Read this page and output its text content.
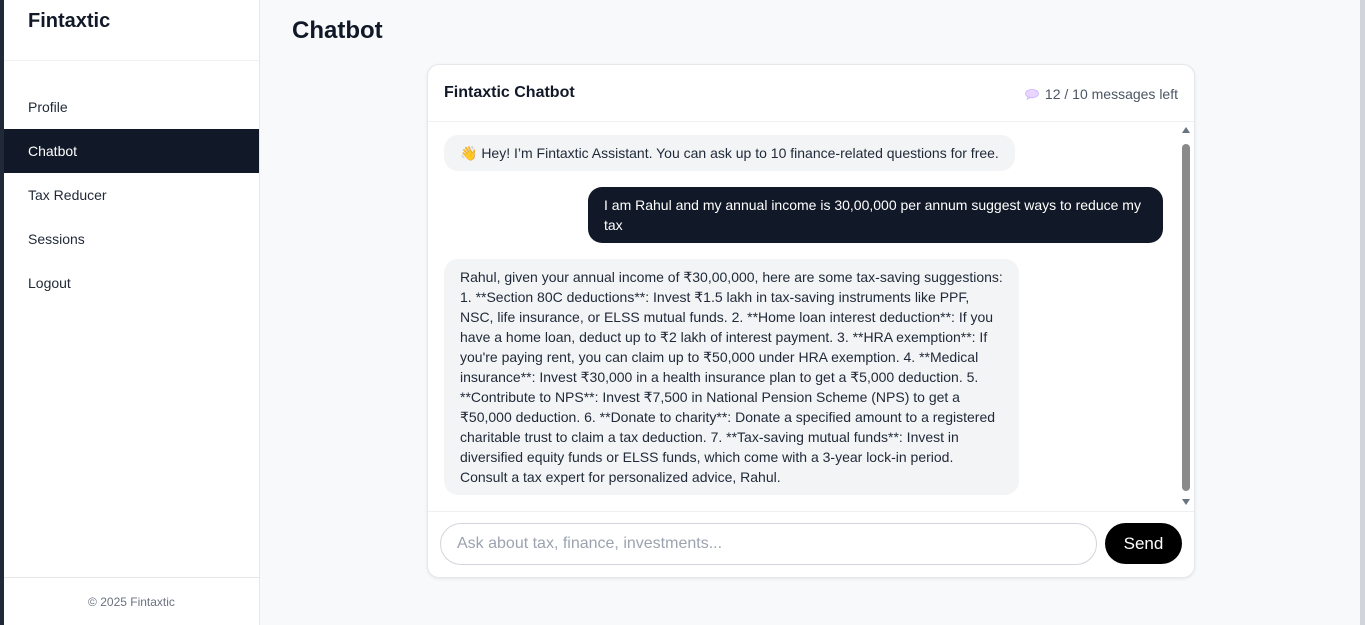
Fintaxtic
Profile
Chatbot
Tax Reducer
Sessions
Logout
© 2025 Fintaxtic
Chatbot
Fintaxtic Chatbot	12 / 10 messages left
👋 Hey! I’m Fintaxtic Assistant. You can ask up to 10 finance-related questions for free.
I am Rahul and my annual income is 30,00,000 per annum suggest ways to reduce my tax
Rahul, given your annual income of ₹30,00,000, here are some tax-saving suggestions: 1. **Section 80C deductions**: Invest ₹1.5 lakh in tax-saving instruments like PPF, NSC, life insurance, or ELSS mutual funds. 2. **Home loan interest deduction**: If you have a home loan, deduct up to ₹2 lakh of interest payment. 3. **HRA exemption**: If you're paying rent, you can claim up to ₹50,000 under HRA exemption. 4. **Medical insurance**: Invest ₹30,000 in a health insurance plan to get a ₹5,000 deduction. 5. **Contribute to NPS**: Invest ₹7,500 in National Pension Scheme (NPS) to get a ₹50,000 deduction. 6. **Donate to charity**: Donate a specified amount to a registered charitable trust to claim a tax deduction. 7. **Tax-saving mutual funds**: Invest in diversified equity funds or ELSS funds, which come with a 3-year lock-in period. Consult a tax expert for personalized advice, Rahul.
Ask about tax, finance, investments...
Send
